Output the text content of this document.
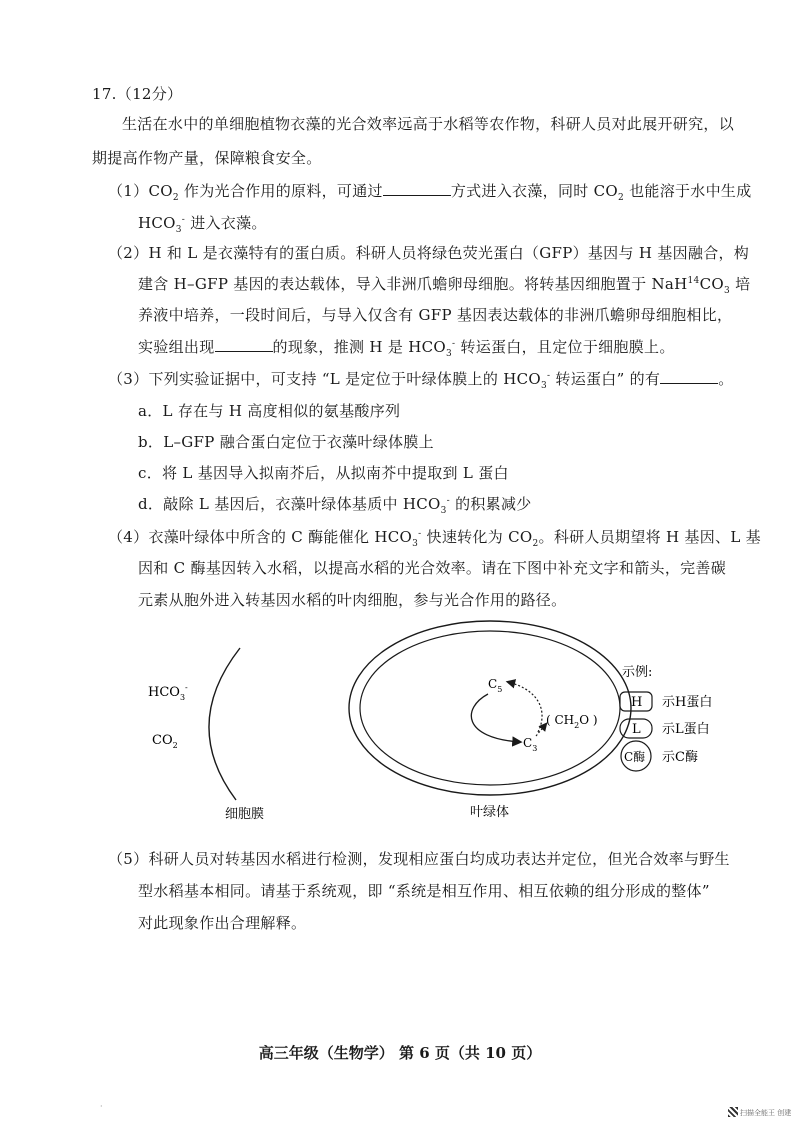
17.（12分）
生活在水中的单细胞植物衣藻的光合效率远高于水稻等农作物，科研人员对此展开研究，以
期提高作物产量，保障粮食安全。
$(1)CO_2$ 作为光合作用的原料，可通过	方式进入衣藻，同时 $CO_2$ 也能溶于水中生成
$HCO_3^-$ 进入衣藻。
（2）H 和 L 是衣藻特有的蛋白质。科研人员将绿色荧光蛋白（GFP）基因与 H 基因融合，构
建含 H–GFP 基因的表达载体，导入非洲爪蟾卵母细胞。将转基因细胞置于 $NaH^{14}CO_3$ 培
养液中培养，一段时间后，与导入仅含有 GFP 基因表达载体的非洲爪蟾卵母细胞相比，
实验组出现	的现象，推测 H 是 $HCO_3^-$ 转运蛋白，且定位于细胞膜上。
（3）下列实验证据中，可支持 “L 是定位于叶绿体膜上的 $HCO_3^-$ 转运蛋白” 的有	。
a．L 存在与 H 高度相似的氨基酸序列
b．L–GFP 融合蛋白定位于衣藻叶绿体膜上
c．将 L 基因导入拟南芥后，从拟南芥中提取到 L 蛋白
d．敲除 L 基因后，衣藻叶绿体基质中 $HCO_3^-$ 的积累减少
（4）衣藻叶绿体中所含的 C 酶能催化 $HCO_3^-$ 快速转化为 $CO_2$。科研人员期望将 H 基因、L 基
因和 C 酶基因转入水稻，以提高水稻的光合效率。请在下图中补充文字和箭头，完善碳
元素从胞外进入转基因水稻的叶肉细胞，参与光合作用的路径。
$HCO_3^-$
$CO_2$
细胞膜	叶绿体
$C_5$
$C_3$
( $CH_2O$ )
示例:
H 示H蛋白
L 示L蛋白
C酶 示C酶
（5）科研人员对转基因水稻进行检测，发现相应蛋白均成功表达并定位，但光合效率与野生
型水稻基本相同。请基于系统观，即 “系统是相互作用、相互依赖的组分形成的整体”
对此现象作出合理解释。
高三年级（生物学） 第 6 页（共 10 页）
·
扫描全能王 创建
